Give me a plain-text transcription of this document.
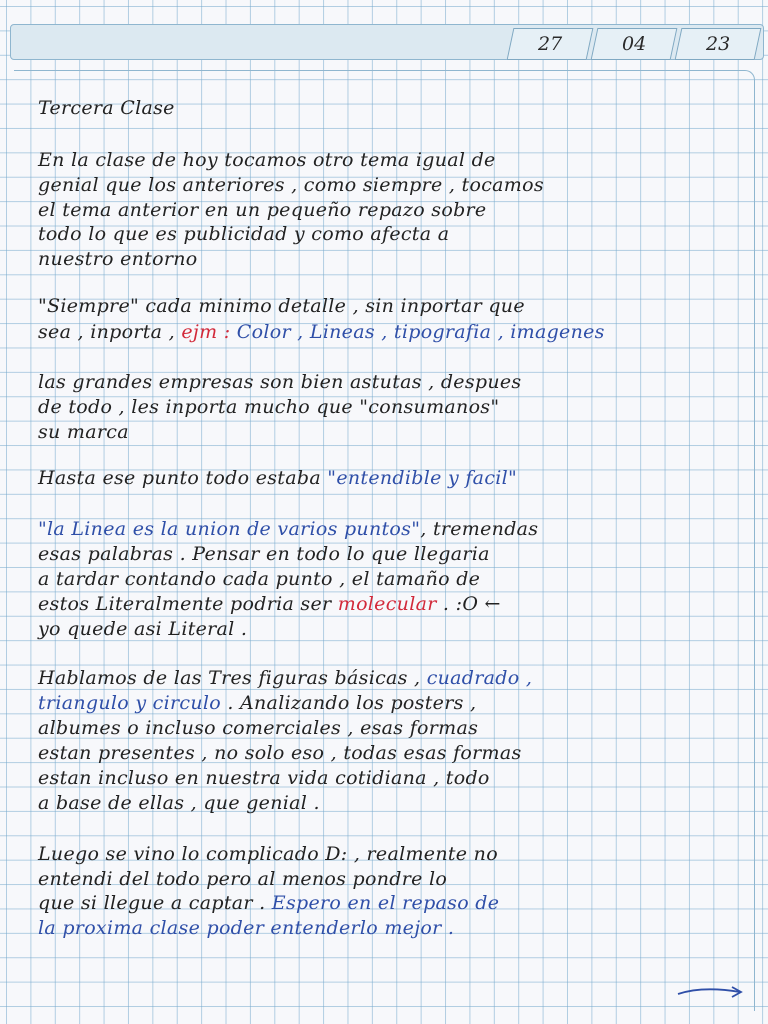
27	04	23
Tercera Clase
En la clase de hoy tocamos otro tema igual de
genial que los anteriores , como siempre , tocamos
el tema anterior en un pequeño repazo sobre
todo lo que es publicidad y como afecta a
nuestro entorno
"Siempre" cada minimo detalle , sin inportar que
sea , inporta , ejm : Color , Lineas , tipografia , imagenes
las grandes empresas son bien astutas , despues
de todo , les inporta mucho que "consumanos"
su marca
Hasta ese punto todo estaba "entendible y facil"
"la Linea es la union de varios puntos", tremendas
esas palabras . Pensar en todo lo que llegaria
a tardar contando cada punto , el tamaño de
estos Literalmente podria ser molecular . :O ←
yo quede asi Literal .
Hablamos de las Tres figuras básicas , cuadrado ,
triangulo y circulo . Analizando los posters ,
albumes o incluso comerciales , esas formas
estan presentes , no solo eso , todas esas formas
estan incluso en nuestra vida cotidiana , todo
a base de ellas , que genial .
Luego se vino lo complicado D: , realmente no
entendi del todo pero al menos pondre lo
que si llegue a captar . Espero en el repaso de
la proxima clase poder entenderlo mejor .
